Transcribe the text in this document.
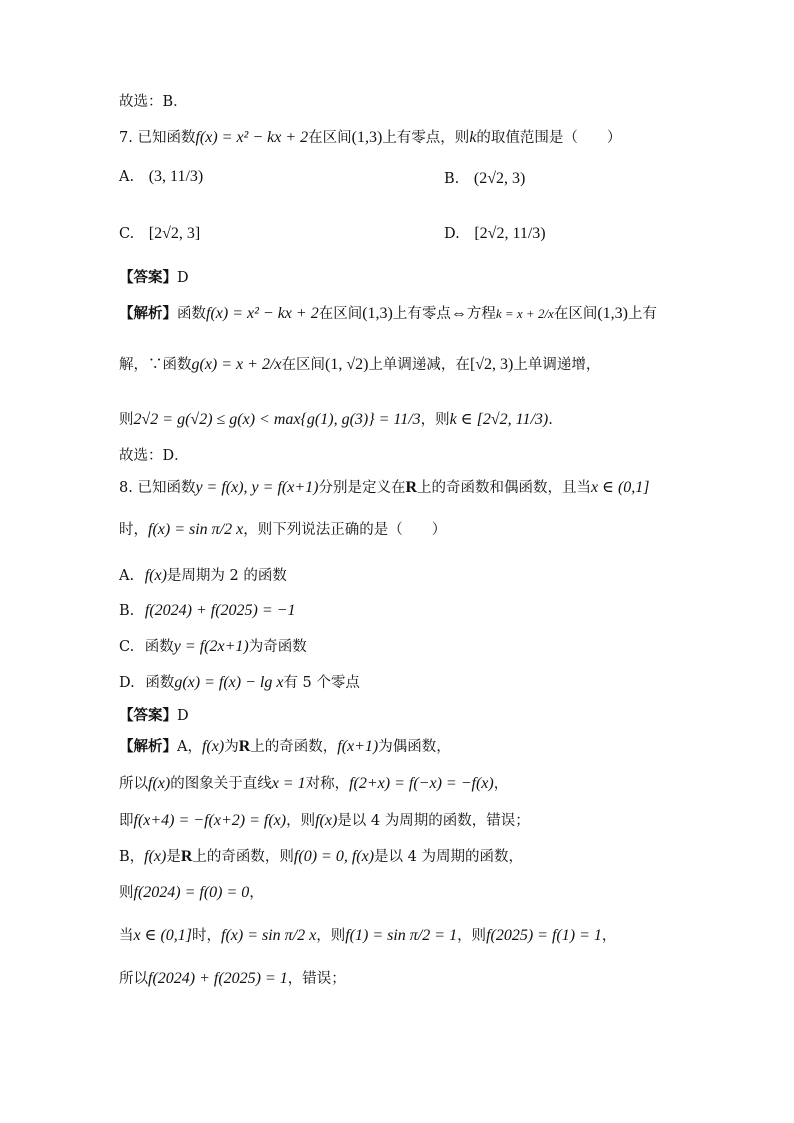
故选：B．
7. 已知函数f(x) = x² − kx + 2在区间(1,3)上有零点，则k的取值范围是（　　）
A. (3, 11/3)	B. (2√2, 3)
C. [2√2, 3]	D. [2√2, 11/3)
【答案】D
【解析】函数f(x) = x² − kx + 2在区间(1,3)上有零点⇔方程k = x + 2/x在区间(1,3)上有
解，∵函数g(x) = x + 2/x在区间(1, √2)上单调递减，在[√2, 3)上单调递增，
则2√2 = g(√2) ≤ g(x) < max{g(1), g(3)} = 11/3，则k ∈ [2√2, 11/3).
故选：D．
8. 已知函数y = f(x), y = f(x+1)分别是定义在R上的奇函数和偶函数，且当x ∈ (0,1]
时，f(x) = sin π/2 x，则下列说法正确的是（　　）
A. f(x)是周期为 2 的函数
B. f(2024) + f(2025) = −1
C. 函数y = f(2x+1)为奇函数
D. 函数g(x) = f(x) − lg x有 5 个零点
【答案】D
【解析】A，f(x)为R上的奇函数，f(x+1)为偶函数，
所以f(x)的图象关于直线x = 1对称，f(2+x) = f(−x) = −f(x)，
即f(x+4) = −f(x+2) = f(x)，则f(x)是以 4 为周期的函数，错误；
B，f(x)是R上的奇函数，则f(0) = 0, f(x)是以 4 为周期的函数，
则f(2024) = f(0) = 0，
当x ∈ (0,1]时，f(x) = sin π/2 x，则f(1) = sin π/2 = 1，则f(2025) = f(1) = 1，
所以f(2024) + f(2025) = 1，错误；
